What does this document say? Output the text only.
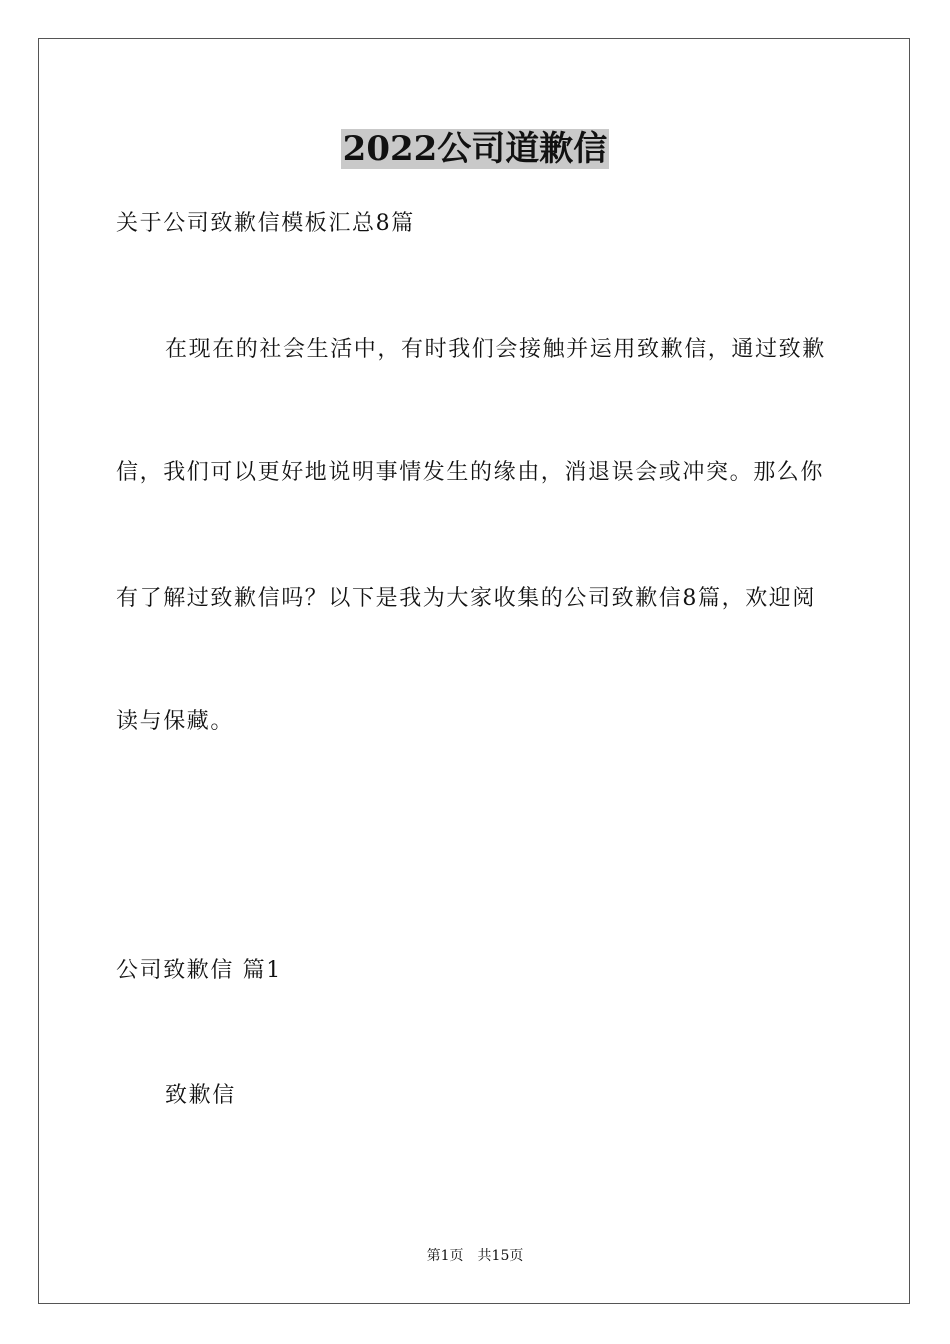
2022公司道歉信

关于公司致歉信模板汇总8篇

在现在的社会生活中，有时我们会接触并运用致歉信，通过致歉

信，我们可以更好地说明事情发生的缘由，消退误会或冲突。那么你

有了解过致歉信吗？以下是我为大家收集的公司致歉信8篇，欢迎阅

读与保藏。

公司致歉信 篇1

致歉信

第1页 共15页
